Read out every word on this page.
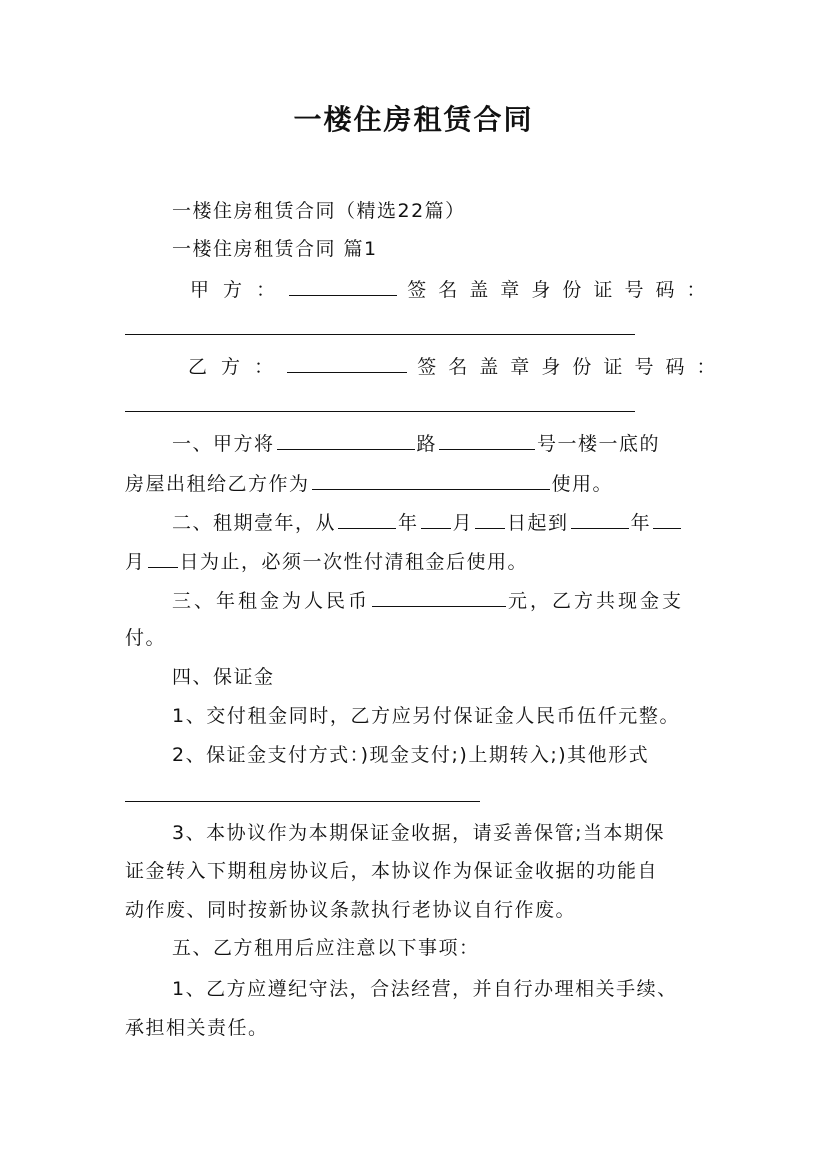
一楼住房租赁合同
一楼住房租赁合同（精选22篇）
一楼住房租赁合同 篇1
甲 方 ：	签 名 盖 章 身 份 证 号 码 ：
乙 方 ：	签 名 盖 章 身 份 证 号 码 ：
一、甲方将	路	号一楼一底的
房屋出租给乙方作为	使用。
二、租期壹年，从	年 月 日起到	年
月 日为止，必须一次性付清租金后使用。
三、年租金为人民币	元，乙方共现金支
付。
四、保证金
1、交付租金同时，乙方应另付保证金人民币伍仟元整。
2、保证金支付方式：)现金支付;)上期转入;)其他形式
3、本协议作为本期保证金收据，请妥善保管;当本期保
证金转入下期租房协议后，本协议作为保证金收据的功能自
动作废、同时按新协议条款执行老协议自行作废。
五、乙方租用后应注意以下事项：
1、乙方应遵纪守法，合法经营，并自行办理相关手续、
承担相关责任。
